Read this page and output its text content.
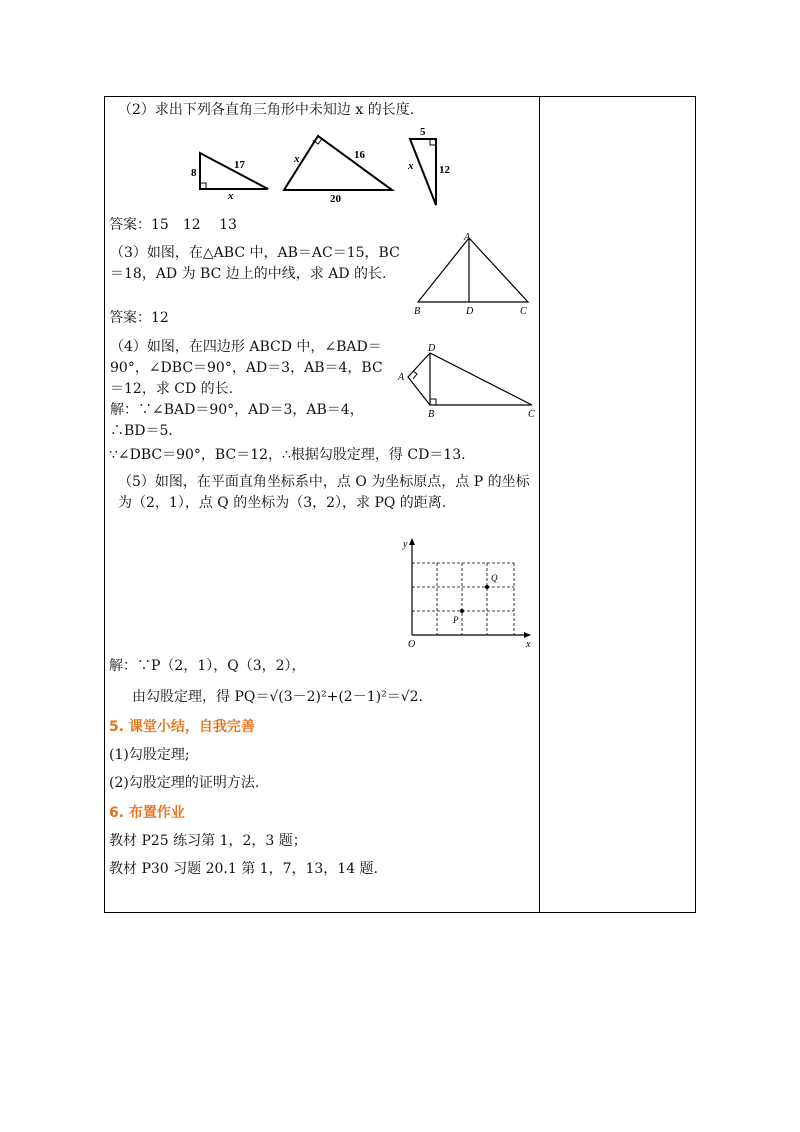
（2）求出下列各直角三角形中未知边 x 的长度.
8
17
x
x	16
20
5
12
x
答案：15　12　 13
（3）如图，在△ABC 中，AB＝AC＝15，BC＝18，AD 为 BC 边上的中线，求 AD 的长.
A
B	D	C
答案：12
（4）如图，在四边形 ABCD 中，∠BAD＝90°，∠DBC＝90°，AD＝3，AB＝4，BC＝12，求 CD 的长.
D
A
B	C
解：∵∠BAD＝90°，AD＝3，AB＝4，∴BD＝5.
∵∠DBC＝90°，BC＝12，∴根据勾股定理，得 CD＝13.
（5）如图，在平面直角坐标系中，点 O 为坐标原点，点 P 的坐标为（2，1），点 Q 的坐标为（3，2），求 PQ 的距离.
y
x
O
P
Q
解：∵P（2，1），Q（3，2），
由勾股定理，得 PQ＝√(3－2)²+(2－1)²＝√2.
5. 课堂小结，自我完善
(1)勾股定理;
(2)勾股定理的证明方法.
6. 布置作业
教材 P25 练习第 1，2，3 题；
教材 P30 习题 20.1 第 1，7，13，14 题.
